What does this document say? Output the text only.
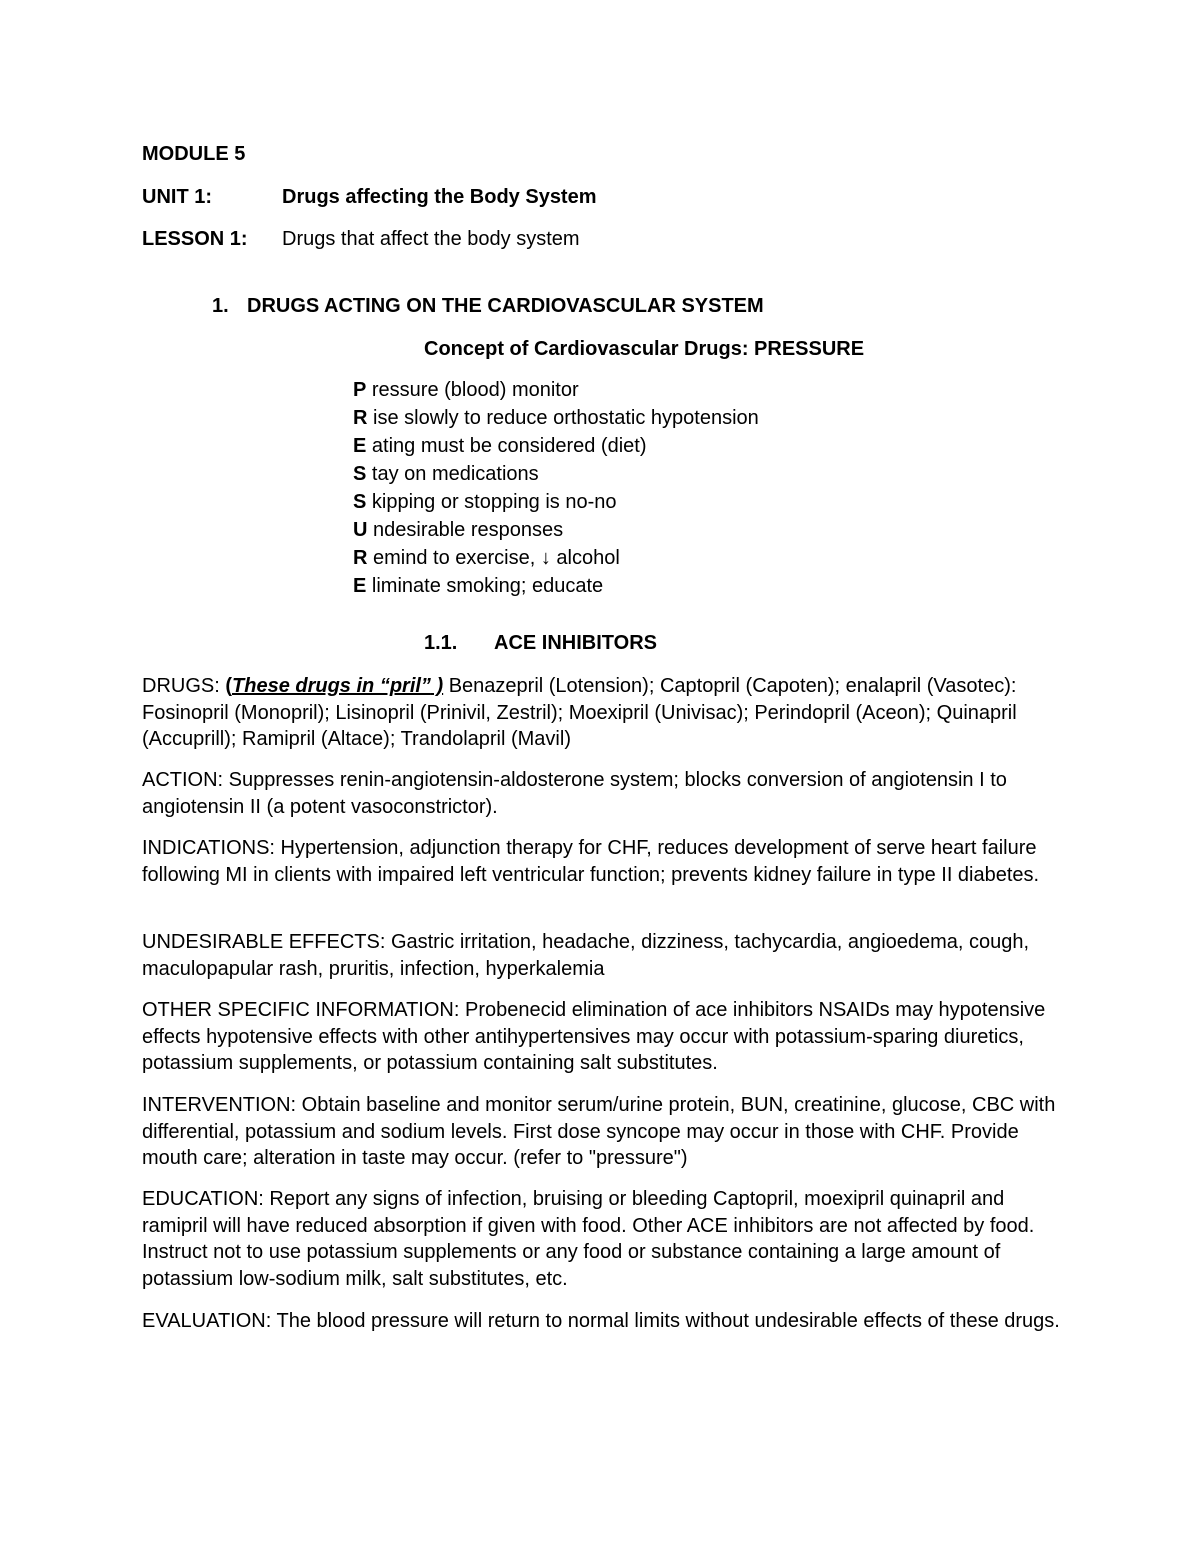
MODULE 5

UNIT 1:	Drugs affecting the Body System

LESSON 1: Drugs that affect the body system

1. DRUGS ACTING ON THE CARDIOVASCULAR SYSTEM

Concept of Cardiovascular Drugs: PRESSURE

P ressure (blood) monitor
R ise slowly to reduce orthostatic hypotension
E ating must be considered (diet)
S tay on medications
S kipping or stopping is no-no
U ndesirable responses
R emind to exercise, ↓ alcohol
E liminate smoking; educate

1.1. ACE INHIBITORS

DRUGS: (These drugs in “pril” ) Benazepril (Lotension); Captopril (Capoten); enalapril (Vasotec): Fosinopril (Monopril); Lisinopril (Prinivil, Zestril); Moexipril (Univisac); Perindopril (Aceon); Quinapril (Accuprill); Ramipril (Altace); Trandolapril (Mavil)

ACTION: Suppresses renin-angiotensin-aldosterone system; blocks conversion of angiotensin I to angiotensin II (a potent vasoconstrictor).

INDICATIONS: Hypertension, adjunction therapy for CHF, reduces development of serve heart failure following MI in clients with impaired left ventricular function; prevents kidney failure in type II diabetes.

UNDESIRABLE EFFECTS: Gastric irritation, headache, dizziness, tachycardia, angioedema, cough, maculopapular rash, pruritis, infection, hyperkalemia

OTHER SPECIFIC INFORMATION: Probenecid elimination of ace inhibitors NSAIDs may hypotensive effects hypotensive effects with other antihypertensives may occur with potassium-sparing diuretics, potassium supplements, or potassium containing salt substitutes.

INTERVENTION: Obtain baseline and monitor serum/urine protein, BUN, creatinine, glucose, CBC with differential, potassium and sodium levels. First dose syncope may occur in those with CHF. Provide mouth care; alteration in taste may occur. (refer to "pressure")

EDUCATION: Report any signs of infection, bruising or bleeding Captopril, moexipril quinapril and ramipril will have reduced absorption if given with food. Other ACE inhibitors are not affected by food. Instruct not to use potassium supplements or any food or substance containing a large amount of potassium low-sodium milk, salt substitutes, etc.

EVALUATION: The blood pressure will return to normal limits without undesirable effects of these drugs.
